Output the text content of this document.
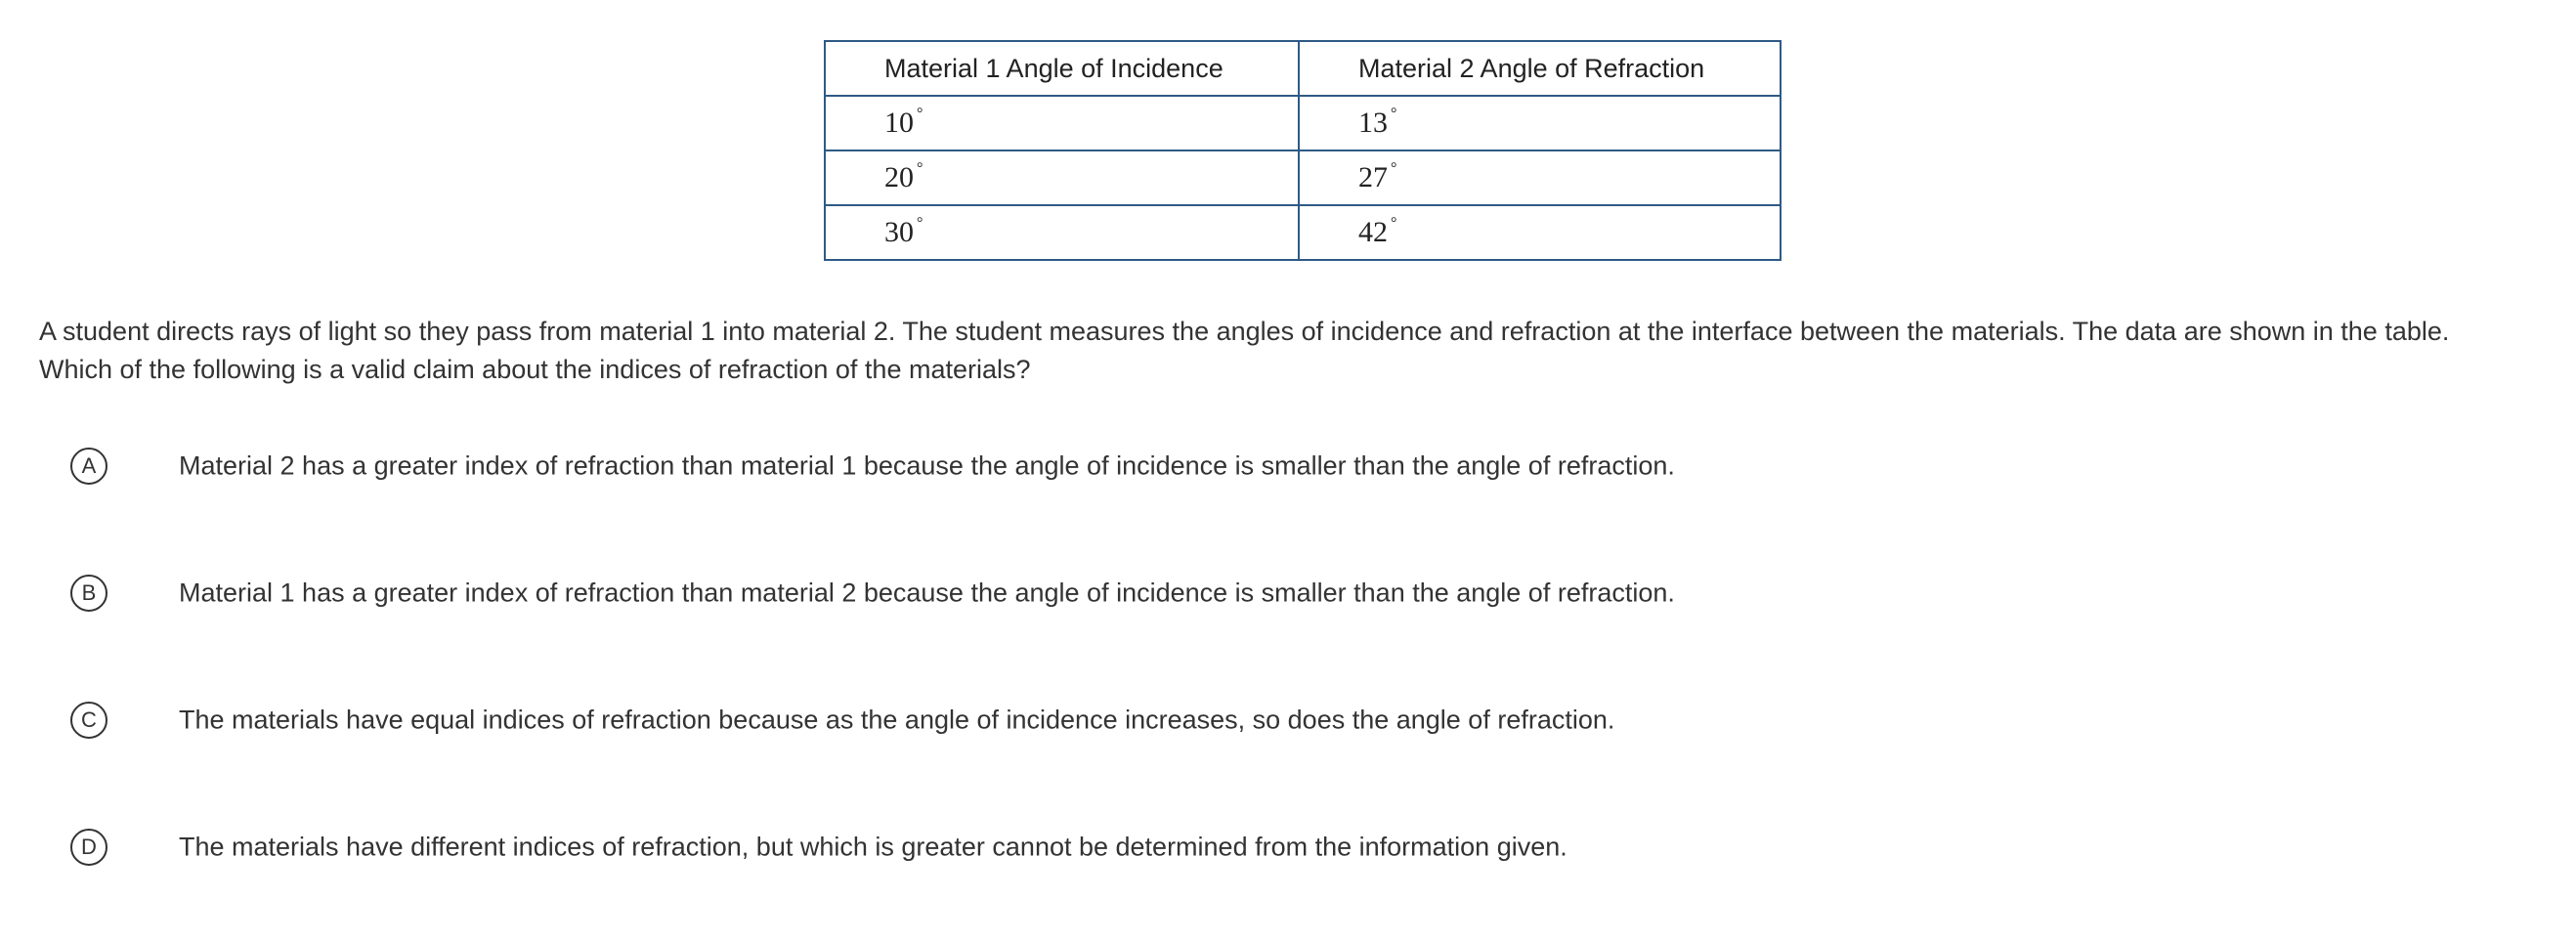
Material 1 Angle of Incidence	Material 2 Angle of Refraction
10 °	13 °
20 °	27 °
30 °	42 °

A student directs rays of light so they pass from material 1 into material 2. The student measures the angles of incidence and refraction at the interface between the materials. The data are shown in the table.

Which of the following is a valid claim about the indices of refraction of the materials?

A	Material 2 has a greater index of refraction than material 1 because the angle of incidence is smaller than the angle of refraction.
B	Material 1 has a greater index of refraction than material 2 because the angle of incidence is smaller than the angle of refraction.
C	The materials have equal indices of refraction because as the angle of incidence increases, so does the angle of refraction.
D	The materials have different indices of refraction, but which is greater cannot be determined from the information given.
